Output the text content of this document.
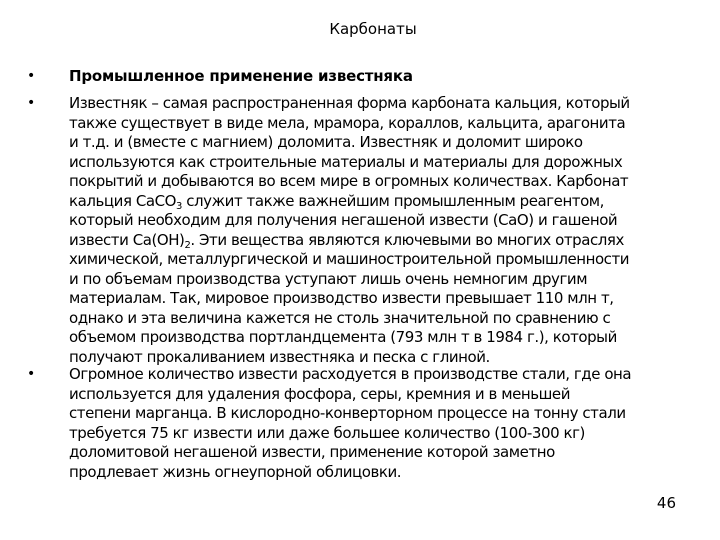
Карбонаты
• Промышленное применение известняка

• Известняк – самая распространенная форма карбоната кальция, который
также существует в виде мела, мрамора, кораллов, кальцита, арагонита
и т.д. и (вместе с магнием) доломита. Известняк и доломит широко
используются как строительные материалы и материалы для дорожных
покрытий и добываются во всем мире в огромных количествах. Карбонат
кальция СаСО$_3$ служит также важнейшим промышленным реагентом,
который необходим для получения негашеной извести (СаО) и гашеной
извести $Са(ОН)_2$. Эти вещества являются ключевыми во многих отраслях
химической, металлургической и машиностроительной промышленности
и по объемам производства уступают лишь очень немногим другим
материалам. Так, мировое производство извести превышает 110 млн т,
однако и эта величина кажется не столь значительной по сравнению с
объемом производства портландцемента (793 млн т в 1984 г.), который
получают прокаливанием известняка и песка с глиной.

• Огромное количество извести расходуется в производстве стали, где она
используется для удаления фосфора, серы, кремния и в меньшей
степени марганца. В кислородно-конверторном процессе на тонну стали
требуется 75 кг извести или даже большее количество (100-300 кг)
доломитовой негашеной извести, применение которой заметно
продлевает жизнь огнеупорной облицовки.

46
